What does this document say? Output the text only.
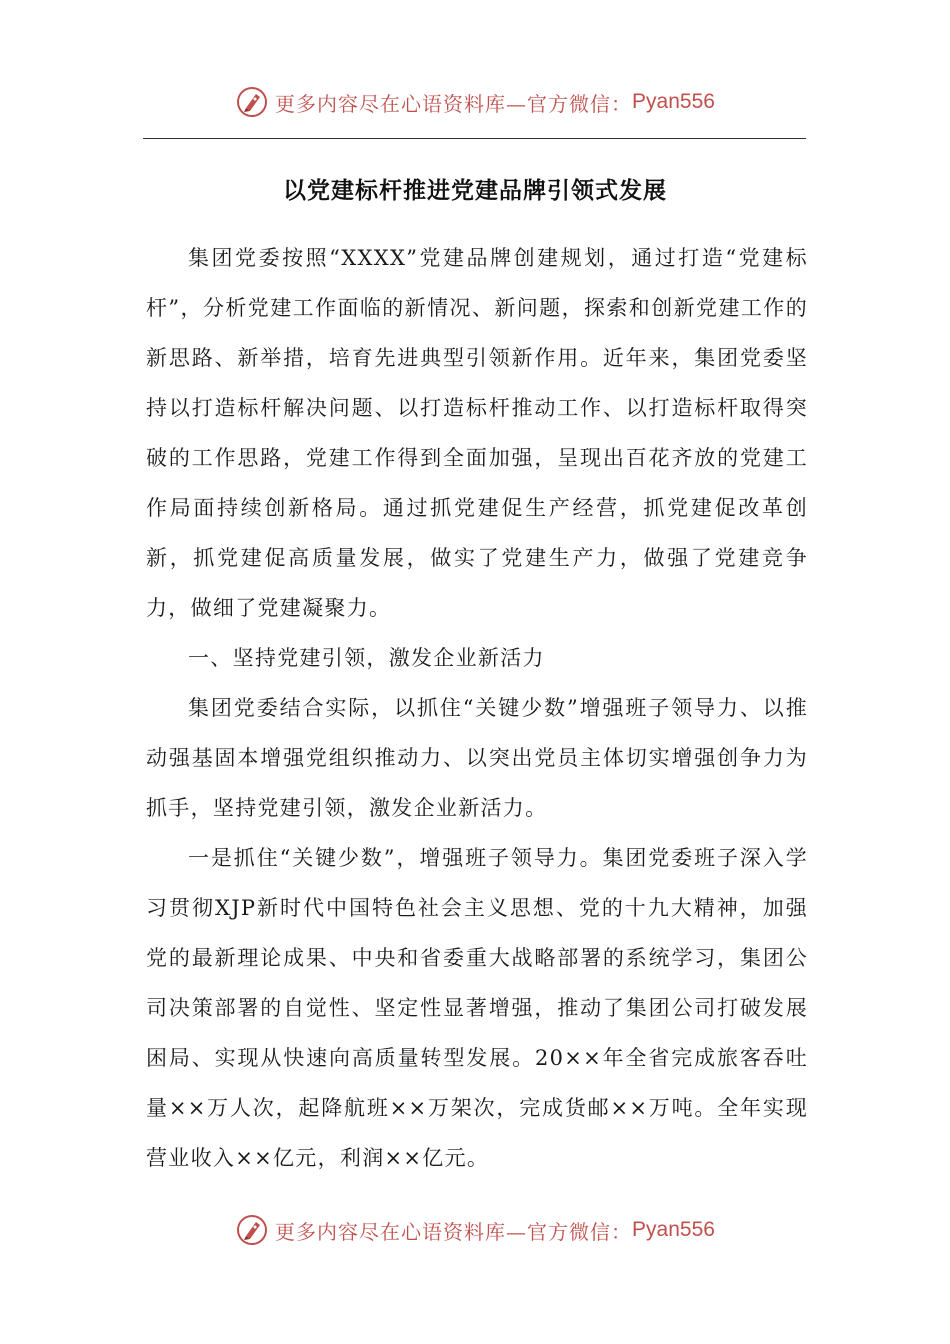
更多内容尽在心语资料库—官方微信： Pyan556
以党建标杆推进党建品牌引领式发展

集团党委按照“XXXX”党建品牌创建规划，通过打造“党建标杆”，分析党建工作面临的新情况、新问题，探索和创新党建工作的新思路、新举措，培育先进典型引领新作用。近年来，集团党委坚持以打造标杆解决问题、以打造标杆推动工作、以打造标杆取得突破的工作思路，党建工作得到全面加强，呈现出百花齐放的党建工作局面持续创新格局。通过抓党建促生产经营，抓党建促改革创新，抓党建促高质量发展，做实了党建生产力，做强了党建竞争力，做细了党建凝聚力。

一、坚持党建引领，激发企业新活力

集团党委结合实际，以抓住“关键少数”增强班子领导力、以推动强基固本增强党组织推动力、以突出党员主体切实增强创争力为抓手，坚持党建引领，激发企业新活力。

一是抓住“关键少数”，增强班子领导力。集团党委班子深入学习贯彻XJP新时代中国特色社会主义思想、党的十九大精神，加强党的最新理论成果、中央和省委重大战略部署的系统学习，集团公司决策部署的自觉性、坚定性显著增强，推动了集团公司打破发展困局、实现从快速向高质量转型发展。20××年全省完成旅客吞吐量××万人次，起降航班××万架次，完成货邮××万吨。全年实现营业收入××亿元，利润××亿元。

更多内容尽在心语资料库—官方微信： Pyan556
